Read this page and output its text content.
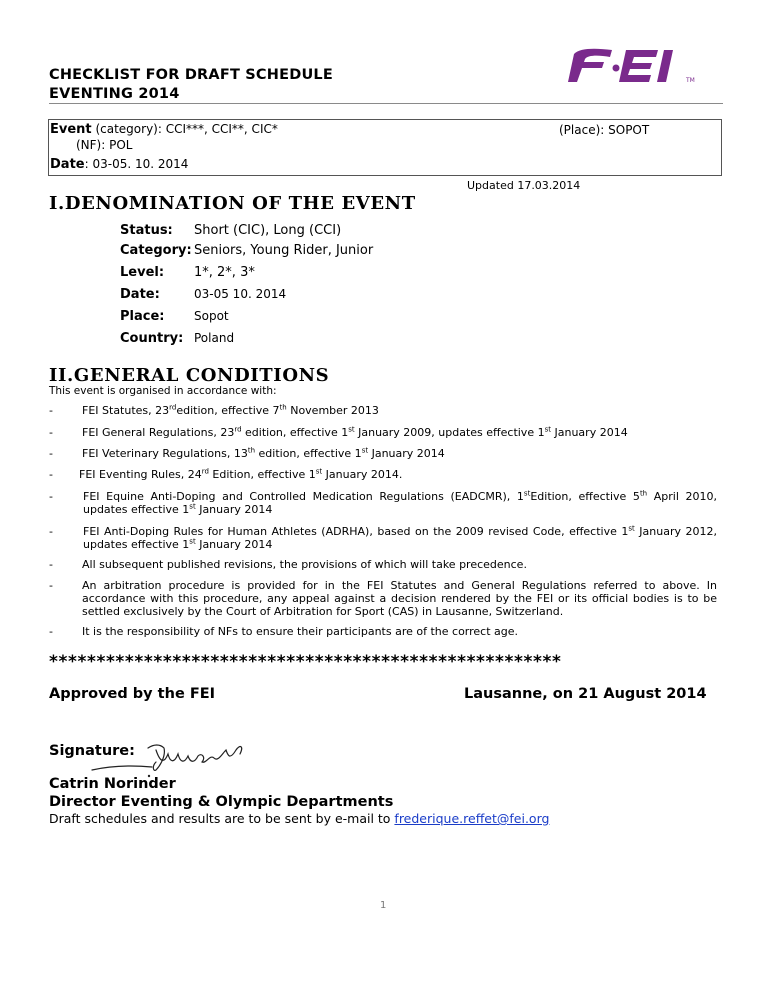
CHECKLIST FOR DRAFT SCHEDULE
EVENTING 2014
TM
Event (category): CCI***, CCI**, CIC*	(Place): SOPOT
(NF): POL
Date: 03-05. 10. 2014
Updated 17.03.2014
I.DENOMINATION OF THE EVENT
Status: Short (CIC), Long (CCI)
Category: Seniors, Young Rider, Junior
Level: 1*, 2*, 3*
Date:	03-05 10. 2014
Place: Sopot
Country: Poland
II.GENERAL CONDITIONS
This event is organised in accordance with:
-	FEI Statutes, 23rdedition, effective 7th November 2013
-	FEI General Regulations, 23rd edition, effective 1st January 2009, updates effective 1st January 2014
-	FEI Veterinary Regulations, 13th edition, effective 1st January 2014
- FEI Eventing Rules, 24rd Edition, effective 1st January 2014.
-	FEI Equine Anti-Doping and Controlled Medication Regulations (EADCMR), 1stEdition, effective 5th April 2010, updates effective 1st January 2014
-	FEI Anti-Doping Rules for Human Athletes (ADRHA), based on the 2009 revised Code, effective 1st January 2012, updates effective 1st January 2014
-	All subsequent published revisions, the provisions of which will take precedence.
-	An arbitration procedure is provided for in the FEI Statutes and General Regulations referred to above. In accordance with this procedure, any appeal against a decision rendered by the FEI or its official bodies is to be settled exclusively by the Court of Arbitration for Sport (CAS) in Lausanne, Switzerland.
-	It is the responsibility of NFs to ensure their participants are of the correct age.
******************************************************
Approved by the FEI	Lausanne, on 21 August 2014
Signature:
Catrin Norinder
Director Eventing & Olympic Departments
Draft schedules and results are to be sent by e-mail to frederique.reffet@fei.org
1
